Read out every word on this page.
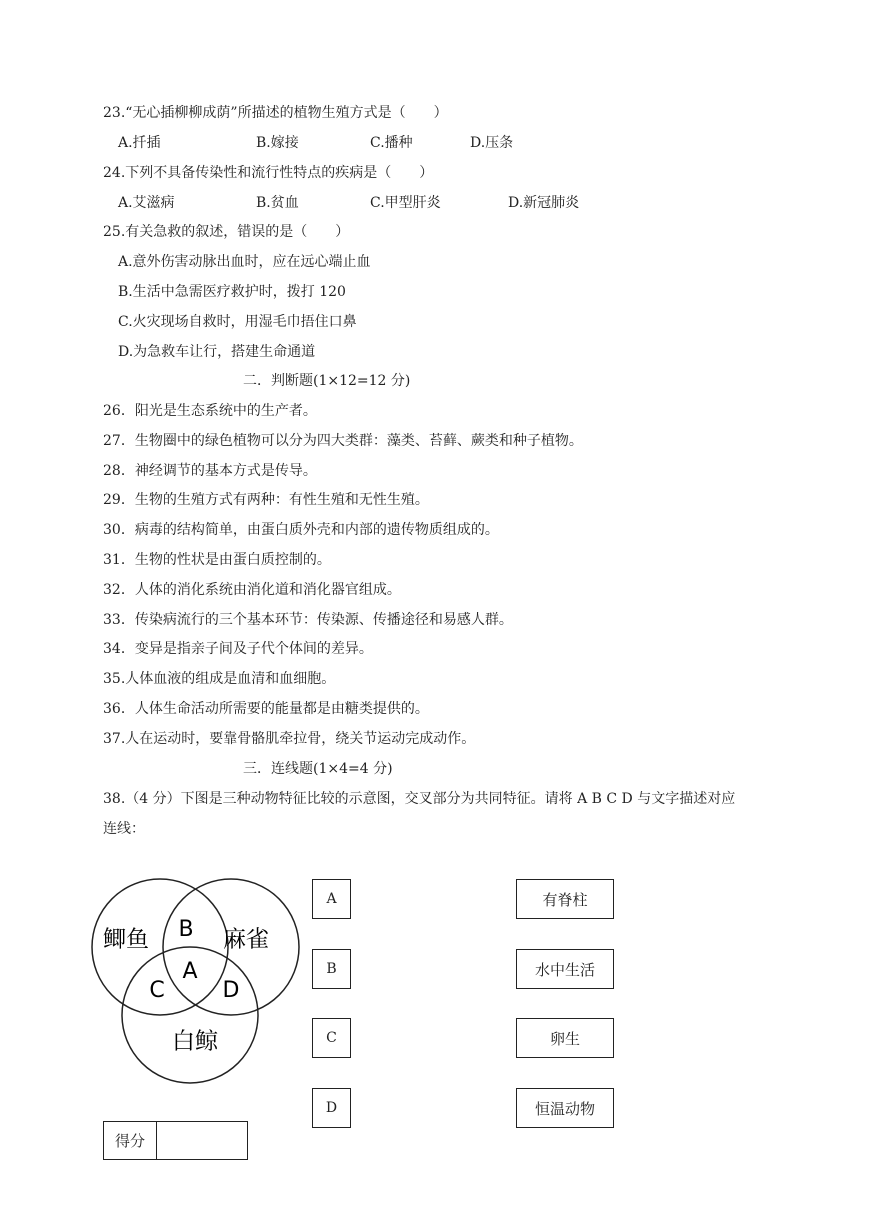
23.“无心插柳柳成荫”所描述的植物生殖方式是（　　）
A.扦插	B.嫁接	C.播种	D.压条
24.下列不具备传染性和流行性特点的疾病是（　　）
A.艾滋病	B.贫血	C.甲型肝炎	D.新冠肺炎
25.有关急救的叙述，错误的是（　　）
A.意外伤害动脉出血时，应在远心端止血
B.生活中急需医疗救护时，拨打 120
C.火灾现场自救时，用湿毛巾捂住口鼻
D.为急救车让行，搭建生命通道
二．判断题(1×12=12 分)
26．阳光是生态系统中的生产者。
27．生物圈中的绿色植物可以分为四大类群：藻类、苔藓、蕨类和种子植物。
28．神经调节的基本方式是传导。
29．生物的生殖方式有两种：有性生殖和无性生殖。
30．病毒的结构简单，由蛋白质外壳和内部的遗传物质组成的。
31．生物的性状是由蛋白质控制的。
32．人体的消化系统由消化道和消化器官组成。
33．传染病流行的三个基本环节：传染源、传播途径和易感人群。
34．变异是指亲子间及子代个体间的差异。
35.人体血液的组成是血清和血细胞。
36．人体生命活动所需要的能量都是由糖类提供的。
37.人在运动时，要靠骨骼肌牵拉骨，绕关节运动完成动作。
三．连线题(1×4=4 分)
38.（4 分）下图是三种动物特征比较的示意图，交叉部分为共同特征。请将 A B C D 与文字描述对应
连线：
鲫鱼	麻雀
白鲸
B
A
C	D
A
B
C
D
有脊柱
水中生活
卵生
恒温动物
得分
